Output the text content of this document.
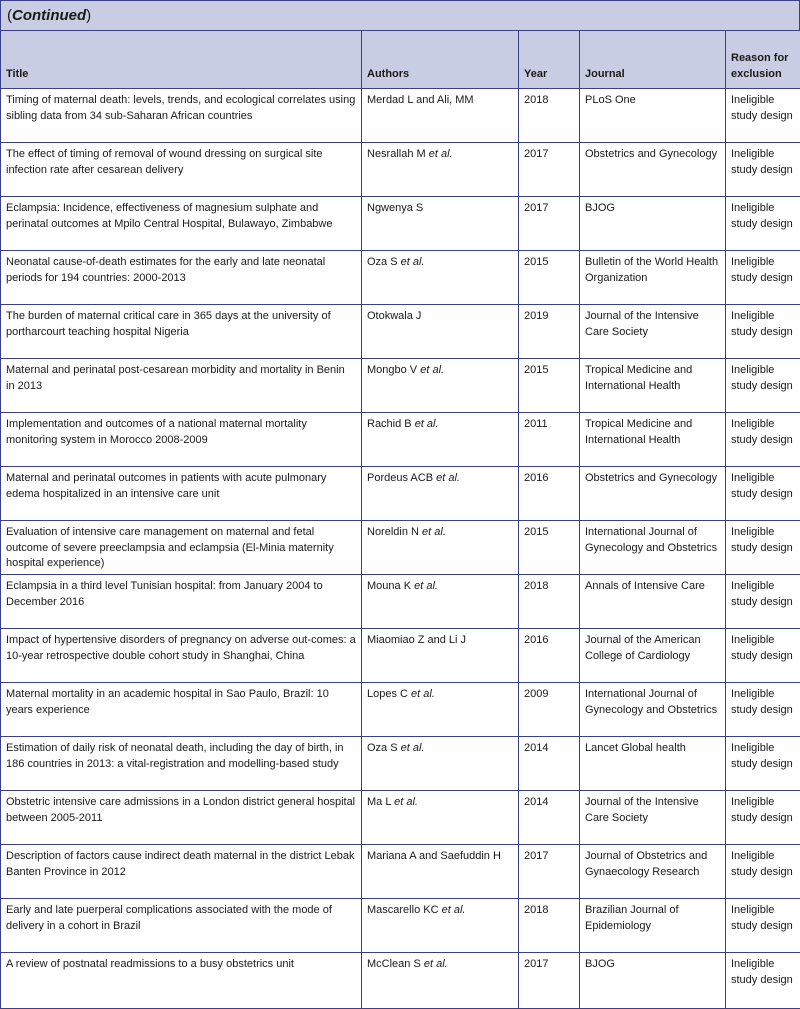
(Continued)
Title	Authors	Year	Journal	Reason for exclusion
Timing of maternal death: levels, trends, and ecological correlates using sibling data from 34 sub-Saharan African countries	Merdad L and Ali, MM	2018	PLoS One	Ineligible study design
The effect of timing of removal of wound dressing on surgical site infection rate after cesarean delivery	Nesrallah M et al.	2017	Obstetrics and Gynecology	Ineligible study design
Eclampsia: Incidence, effectiveness of magnesium sulphate and perinatal outcomes at Mpilo Central Hospital, Bulawayo, Zimbabwe	Ngwenya S	2017	BJOG	Ineligible study design
Neonatal cause-of-death estimates for the early and late neonatal periods for 194 countries: 2000-2013	Oza S et al.	2015	Bulletin of the World Health Organization	Ineligible study design
The burden of maternal critical care in 365 days at the university of portharcourt teaching hospital Nigeria	Otokwala J	2019	Journal of the Intensive Care Society	Ineligible study design
Maternal and perinatal post-cesarean morbidity and mortality in Benin in 2013	Mongbo V et al.	2015	Tropical Medicine and International Health	Ineligible study design
Implementation and outcomes of a national maternal mortality monitoring system in Morocco 2008-2009	Rachid B et al.	2011	Tropical Medicine and International Health	Ineligible study design
Maternal and perinatal outcomes in patients with acute pulmonary edema hospitalized in an intensive care unit	Pordeus ACB et al.	2016	Obstetrics and Gynecology	Ineligible study design
Evaluation of intensive care management on maternal and fetal outcome of severe preeclampsia and eclampsia (El-Minia maternity hospital experience)	Noreldin N et al.	2015	International Journal of Gynecology and Obstetrics	Ineligible study design
Eclampsia in a third level Tunisian hospital: from January 2004 to December 2016	Mouna K et al.	2018	Annals of Intensive Care	Ineligible study design
Impact of hypertensive disorders of pregnancy on adverse out-comes: a 10-year retrospective double cohort study in Shanghai, China	Miaomiao Z and Li J	2016	Journal of the American College of Cardiology	Ineligible study design
Maternal mortality in an academic hospital in Sao Paulo, Brazil: 10 years experience	Lopes C et al.	2009	International Journal of Gynecology and Obstetrics	Ineligible study design
Estimation of daily risk of neonatal death, including the day of birth, in 186 countries in 2013: a vital-registration and modelling-based study	Oza S et al.	2014	Lancet Global health	Ineligible study design
Obstetric intensive care admissions in a London district general hospital between 2005-2011	Ma L et al.	2014	Journal of the Intensive Care Society	Ineligible study design
Description of factors cause indirect death maternal in the district Lebak Banten Province in 2012	Mariana A and Saefuddin H	2017	Journal of Obstetrics and Gynaecology Research	Ineligible study design
Early and late puerperal complications associated with the mode of delivery in a cohort in Brazil	Mascarello KC et al.	2018	Brazilian Journal of Epidemiology	Ineligible study design
A review of postnatal readmissions to a busy obstetrics unit	McClean S et al.	2017	BJOG	Ineligible study design
